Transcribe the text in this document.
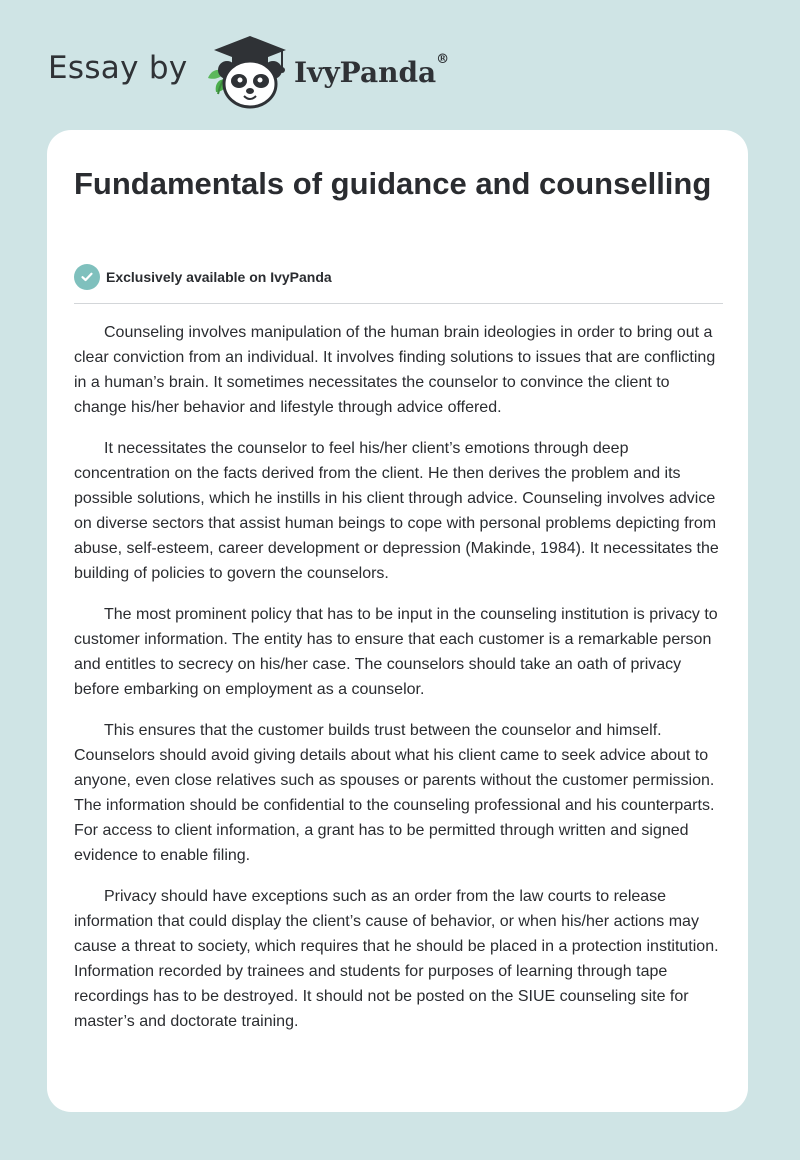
Essay by	IvyPanda®
Fundamentals of guidance and counselling
Exclusively available on IvyPanda

Counseling involves manipulation of the human brain ideologies in order to bring out a clear conviction from an individual. It involves finding solutions to issues that are conflicting in a human’s brain. It sometimes necessitates the counselor to convince the client to change his/her behavior and lifestyle through advice offered.

It necessitates the counselor to feel his/her client’s emotions through deep concentration on the facts derived from the client. He then derives the problem and its possible solutions, which he instills in his client through advice. Counseling involves advice on diverse sectors that assist human beings to cope with personal problems depicting from abuse, self-esteem, career development or depression (Makinde, 1984). It necessitates the building of policies to govern the counselors.

The most prominent policy that has to be input in the counseling institution is privacy to customer information. The entity has to ensure that each customer is a remarkable person and entitles to secrecy on his/her case. The counselors should take an oath of privacy before embarking on employment as a counselor.

This ensures that the customer builds trust between the counselor and himself. Counselors should avoid giving details about what his client came to seek advice about to anyone, even close relatives such as spouses or parents without the customer permission. The information should be confidential to the counseling professional and his counterparts. For access to client information, a grant has to be permitted through written and signed evidence to enable filing.

Privacy should have exceptions such as an order from the law courts to release information that could display the client’s cause of behavior, or when his/her actions may cause a threat to society, which requires that he should be placed in a protection institution. Information recorded by trainees and students for purposes of learning through tape recordings has to be destroyed. It should not be posted on the SIUE counseling site for master’s and doctorate training.
